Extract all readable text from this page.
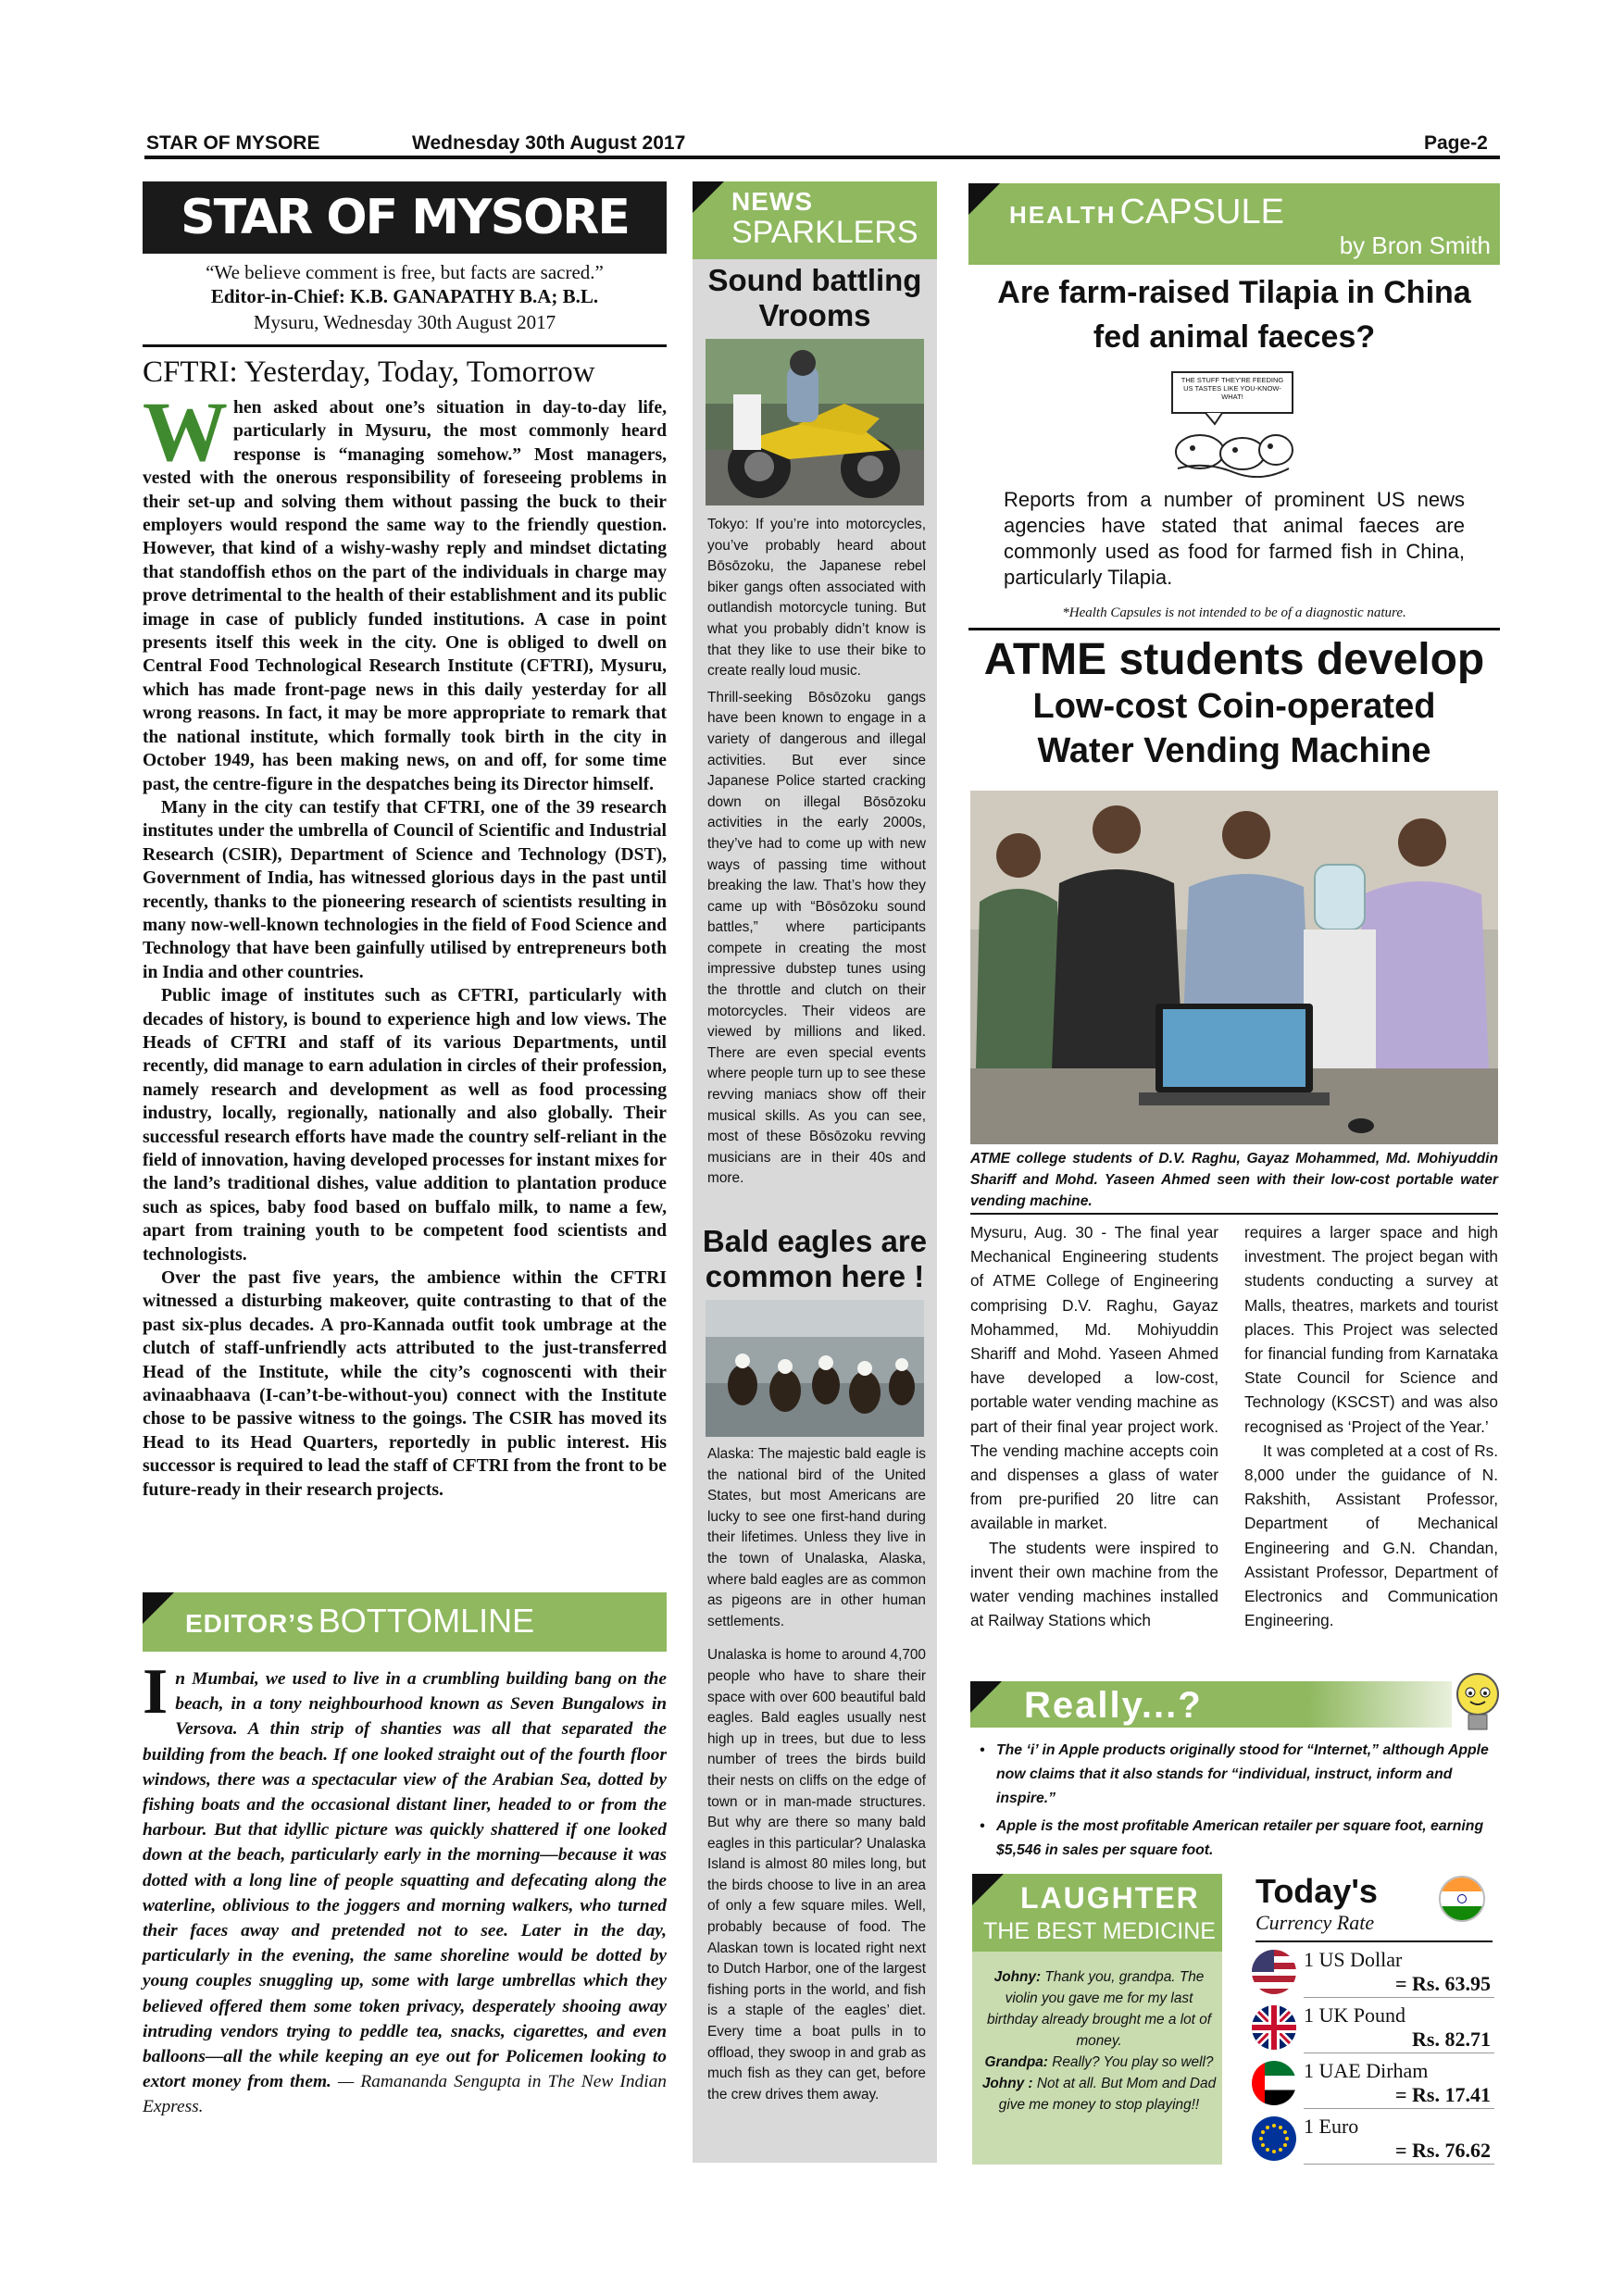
STAR OF MYSORE	Wednesday 30th August 2017	Page-2
STAR OF MYSORE
“We believe comment is free, but facts are sacred.”
Editor-in-Chief: K.B. GANAPATHY B.A; B.L.
Mysuru, Wednesday 30th August 2017
CFTRI: Yesterday, Today, Tomorrow
W hen asked about one’s situation in day-to-day life, particularly in Mysuru, the most commonly heard response is “managing somehow.” Most managers, vested with the onerous responsibility of foreseeing problems in their set-up and solving them without passing the buck to their employers would respond the same way to the friendly question. However, that kind of a wishy-washy reply and mindset dictating that standoffish ethos on the part of the individuals in charge may prove detrimental to the health of their establishment and its public image in case of publicly funded institutions. A case in point presents itself this week in the city. One is obliged to dwell on Central Food Technological Research Institute (CFTRI), Mysuru, which has made front-page news in this daily yesterday for all wrong reasons. In fact, it may be more appropriate to remark that the national institute, which formally took birth in the city in October 1949, has been making news, on and off, for some time past, the centre-figure in the despatches being its Director himself.

Many in the city can testify that CFTRI, one of the 39 research institutes under the umbrella of Council of Scientific and Industrial Research (CSIR), Department of Science and Technology (DST), Government of India, has witnessed glorious days in the past until recently, thanks to the pioneering research of scientists resulting in many now-well-known technologies in the field of Food Science and Technology that have been gainfully utilised by entrepreneurs both in India and other countries.

Public image of institutes such as CFTRI, particularly with decades of history, is bound to experience high and low views. The Heads of CFTRI and staff of its various Departments, until recently, did manage to earn adulation in circles of their profession, namely research and development as well as food processing industry, locally, regionally, nationally and also globally. Their successful research efforts have made the country self-reliant in the field of innovation, having developed processes for instant mixes for the land’s traditional dishes, value addition to plantation produce such as spices, baby food based on buffalo milk, to name a few, apart from training youth to be competent food scientists and technologists.

Over the past five years, the ambience within the CFTRI witnessed a disturbing makeover, quite contrasting to that of the past six-plus decades. A pro-Kannada outfit took umbrage at the clutch of staff-unfriendly acts attributed to the just-transferred Head of the Institute, while the city’s cognoscenti with their avinaabhaava (I-can’t-be-without-you) connect with the Institute chose to be passive witness to the goings. The CSIR has moved its Head to its Head Quarters, reportedly in public interest. His successor is required to lead the staff of CFTRI from the front to be future-ready in their research projects.

EDITOR’S BOTTOMLINE
I n Mumbai, we used to live in a crumbling building bang on the beach, in a tony neighbourhood known as Seven Bungalows in Versova. A thin strip of shanties was all that separated the building from the beach. If one looked straight out of the fourth floor windows, there was a spectacular view of the Arabian Sea, dotted by fishing boats and the occasional distant liner, headed to or from the harbour. But that idyllic picture was quickly shattered if one looked down at the beach, particularly early in the morning—because it was dotted with a long line of people squatting and defecating along the waterline, oblivious to the joggers and morning walkers, who turned their faces away and pretended not to see. Later in the day, particularly in the evening, the same shoreline would be dotted by young couples snuggling up, some with large umbrellas which they believed offered them some token privacy, desperately shooing away intruding vendors trying to peddle tea, snacks, cigarettes, and even balloons—all the while keeping an eye out for Policemen looking to extort money from them. — Ramananda Sengupta in The New Indian Express.
NEWS
SPARKLERS
Sound battling Vrooms

Tokyo: If you’re into motorcycles, you’ve probably heard about Bōsōzoku, the Japanese rebel biker gangs often associated with outlandish motorcycle tuning. But what you probably didn’t know is that they like to use their bike to create really loud music.

Thrill-seeking Bōsōzoku gangs have been known to engage in a variety of dangerous and illegal activities. But ever since Japanese Police started cracking down on illegal Bōsōzoku activities in the early 2000s, they’ve had to come up with new ways of passing time without breaking the law. That’s how they came up with “Bōsōzoku sound battles,” where participants compete in creating the most impressive dubstep tunes using the throttle and clutch on their motorcycles. Their videos are viewed by millions and liked. There are even special events where people turn up to see these revving maniacs show off their musical skills. As you can see, most of these Bōsōzoku revving musicians are in their 40s and more.

Bald eagles are common here !

Alaska: The majestic bald eagle is the national bird of the United States, but most Americans are lucky to see one first-hand during their lifetimes. Unless they live in the town of Unalaska, Alaska, where bald eagles are as common as pigeons are in other human settlements.

Unalaska is home to around 4,700 people who have to share their space with over 600 beautiful bald eagles. Bald eagles usually nest high up in trees, but due to less number of trees the birds build their nests on cliffs on the edge of town or in man-made structures. But why are there so many bald eagles in this particular? Unalaska Island is almost 80 miles long, but the birds choose to live in an area of only a few square miles. Well, probably because of food. The Alaskan town is located right next to Dutch Harbor, one of the largest fishing ports in the world, and fish is a staple of the eagles’ diet. Every time a boat pulls in to offload, they swoop in and grab as much fish as they can get, before the crew drives them away.

HEALTH CAPSULE
by Bron Smith
Are farm-raised Tilapia in China fed animal faeces?
THE STUFF THEY'RE FEEDING US TASTES LIKE YOU-KNOW-WHAT!
Reports from a number of prominent US news agencies have stated that animal faeces are commonly used as food for farmed fish in China, particularly Tilapia.
*Health Capsules is not intended to be of a diagnostic nature.
ATME students develop
Low-cost Coin-operated
Water Vending Machine
ATME college students of D.V. Raghu, Gayaz Mohammed, Md. Mohiyuddin Shariff and Mohd. Yaseen Ahmed seen with their low-cost portable water vending machine.

Mysuru, Aug. 30 - The final year Mechanical Engineering students of ATME College of Engineering comprising D.V. Raghu, Gayaz Mohammed, Md. Mohiyuddin Shariff and Mohd. Yaseen Ahmed have developed a low-cost, portable water vending machine as part of their final year project work. The vending machine accepts coin and dispenses a glass of water from pre-purified 20 litre can available in market.

The students were inspired to invent their own machine from the water vending machines installed at Railway Stations which

requires a larger space and high investment. The project began with students conducting a survey at Malls, theatres, markets and tourist places. This Project was selected for financial funding from Karnataka State Council for Science and Technology (KSCST) and was also recognised as ‘Project of the Year.’

It was completed at a cost of Rs. 8,000 under the guidance of N. Rakshith, Assistant Professor, Department of Mechanical Engineering and G.N. Chandan, Assistant Professor, Department of Electronics and Communication Engineering.

Really...?
• The ‘i’ in Apple products originally stood for “Internet,” although Apple now claims that it also stands for “individual, instruct, inform and inspire.”
• Apple is the most profitable American retailer per square foot, earning $5,546 in sales per square foot.
LAUGHTER
THE BEST MEDICINE

Johny: Thank you, grandpa. The violin you gave me for my last birthday already brought me a lot of money.

Grandpa: Really? You play so well?

Johny : Not at all. But Mom and Dad give me money to stop playing!!

Today's
Currency Rate
1 US Dollar
= Rs. 63.95
1 UK Pound
Rs. 82.71
1 UAE Dirham
= Rs. 17.41
1 Euro
= Rs. 76.62
